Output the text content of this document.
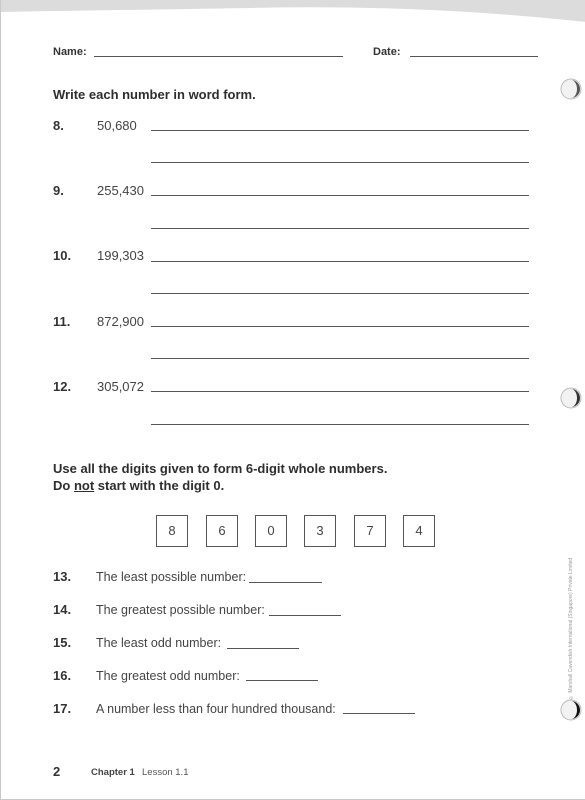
Name:	Date:
Write each number in word form.
8.	50,680
9.	255,430
10. 199,303
11. 872,900
12. 305,072
Use all the digits given to form 6-digit whole numbers.
Do not start with the digit 0.
8	6	0	3	7	4
13. The least possible number:
14. The greatest possible number:
15. The least odd number:
16. The greatest odd number:
17. A number less than four hundred thousand:
2	Chapter 1 Lesson 1.1
© Marshall Cavendish International (Singapore) Private Limited
